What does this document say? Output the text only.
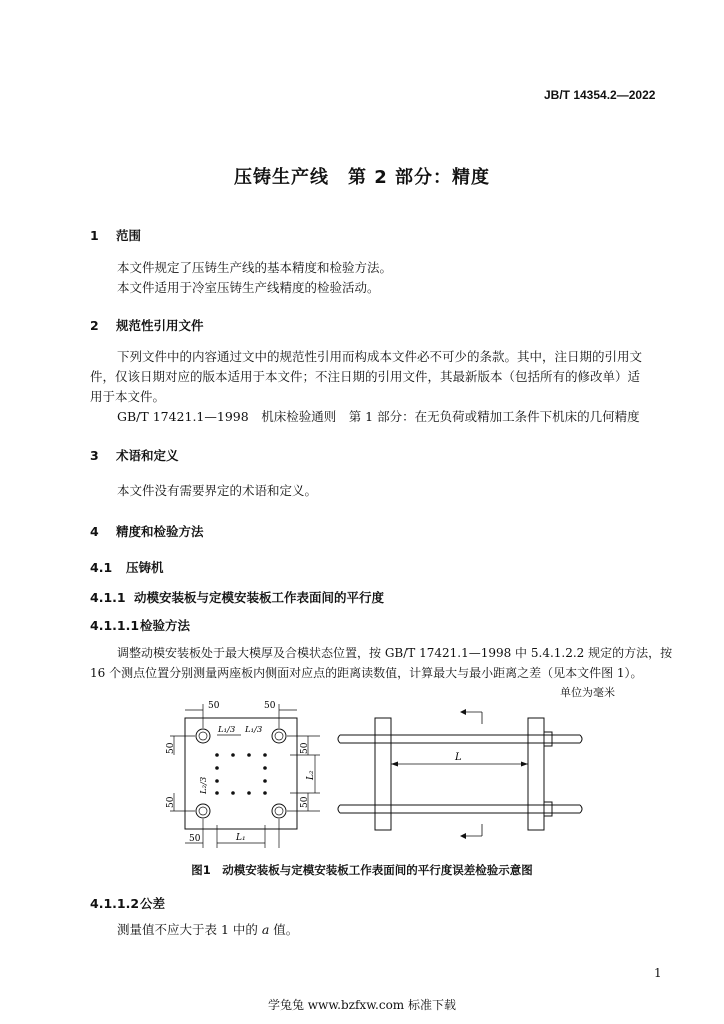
JB/T 14354.2—2022
压铸生产线　第 2 部分：精度
1 范围
本文件规定了压铸生产线的基本精度和检验方法。
本文件适用于冷室压铸生产线精度的检验活动。
2 规范性引用文件
下列文件中的内容通过文中的规范性引用而构成本文件必不可少的条款。其中，注日期的引用文
件，仅该日期对应的版本适用于本文件；不注日期的引用文件，其最新版本（包括所有的修改单）适
用于本文件。
GB/T 17421.1—1998　机床检验通则　第 1 部分：在无负荷或精加工条件下机床的几何精度
3 术语和定义
本文件没有需要界定的术语和定义。
4 精度和检验方法
4.1 压铸机
4.1.1 动模安装板与定模安装板工作表面间的平行度
4.1.1.1检验方法
调整动模安装板处于最大模厚及合模状态位置，按 GB/T 17421.1—1998 中 5.4.1.2.2 规定的方法，按
16 个测点位置分别测量两座板内侧面对应点的距离读数值，计算最大与最小距离之差（见本文件图 1）。
单位为毫米
50	50
L₁/3 L₁/3
50
50
L₂/3
50
L₂
50
50	L₁
L
图1　动模安装板与定模安装板工作表面间的平行度误差检验示意图
4.1.1.2公差
测量值不应大于表 1 中的 a 值。
1
学兔兔 www.bzfxw.com 标准下载
